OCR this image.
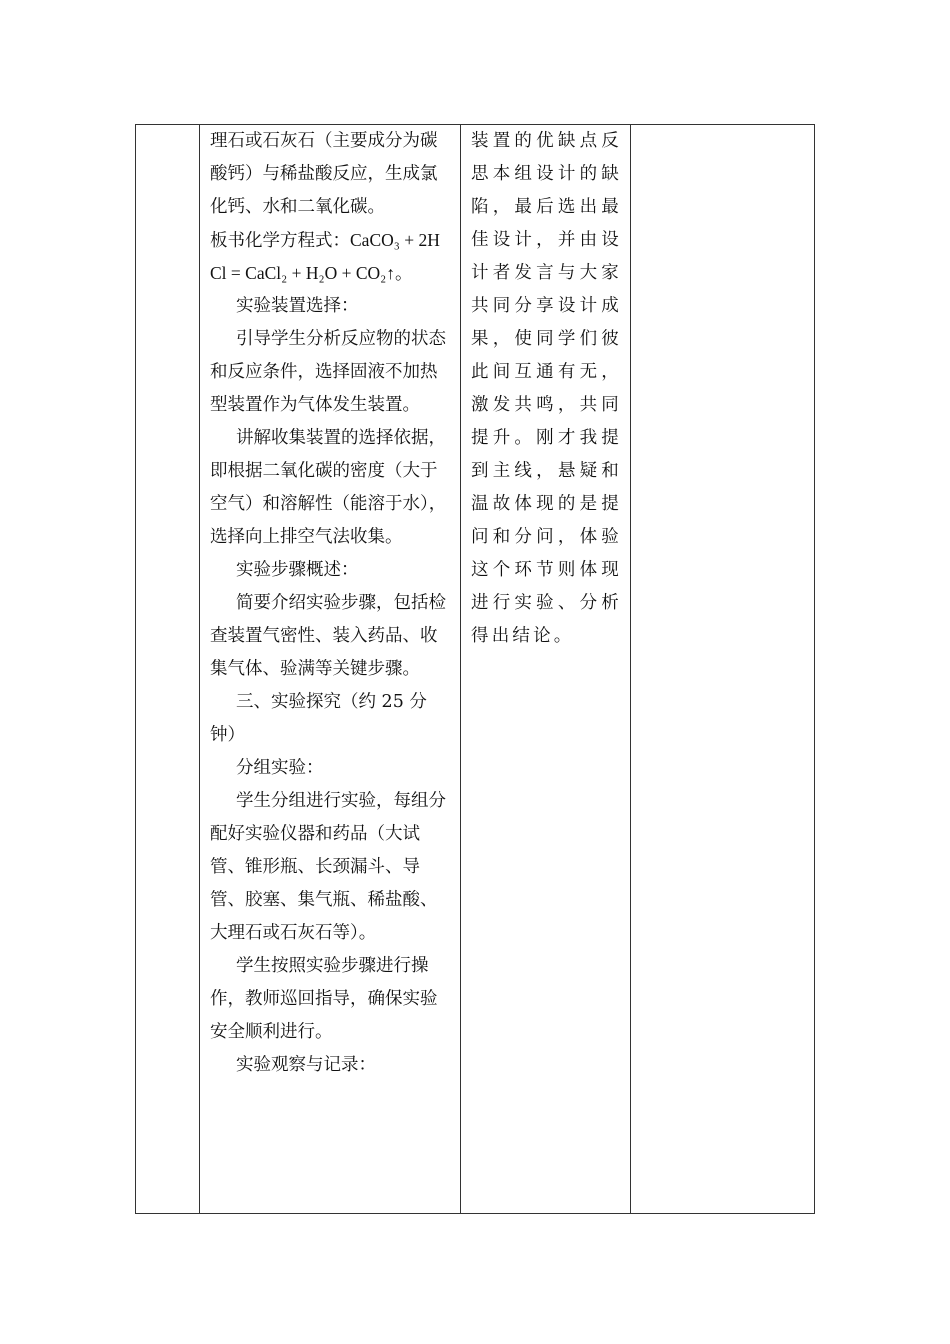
理石或石灰石（主要成分为碳酸钙）与稀盐酸反应，生成氯化钙、水和二氧化碳。

板书化学方程式：CaCO₃ + 2HCl = CaCl₂ + H₂O + CO₂↑。

实验装置选择：

引导学生分析反应物的状态和反应条件，选择固液不加热型装置作为气体发生装置。

讲解收集装置的选择依据，即根据二氧化碳的密度（大于空气）和溶解性（能溶于水），选择向上排空气法收集。

实验步骤概述：

简要介绍实验步骤，包括检查装置气密性、装入药品、收集气体、验满等关键步骤。

三、实验探究（约 25 分钟）

分组实验：

学生分组进行实验，每组分配好实验仪器和药品（大试管、锥形瓶、长颈漏斗、导管、胶塞、集气瓶、稀盐酸、大理石或石灰石等）。

学生按照实验步骤进行操作，教师巡回指导，确保实验安全顺利进行。

实验观察与记录：

装置的优缺点反思本组设计的缺陷，最后选出最佳设计，并由设计者发言与大家共同分享设计成果，使同学们彼此间互通有无，激发共鸣，共同提升。刚才我提到主线，悬疑和温故体现的是提问和分问，体验这个环节则体现进行实验、分析得出结论。
